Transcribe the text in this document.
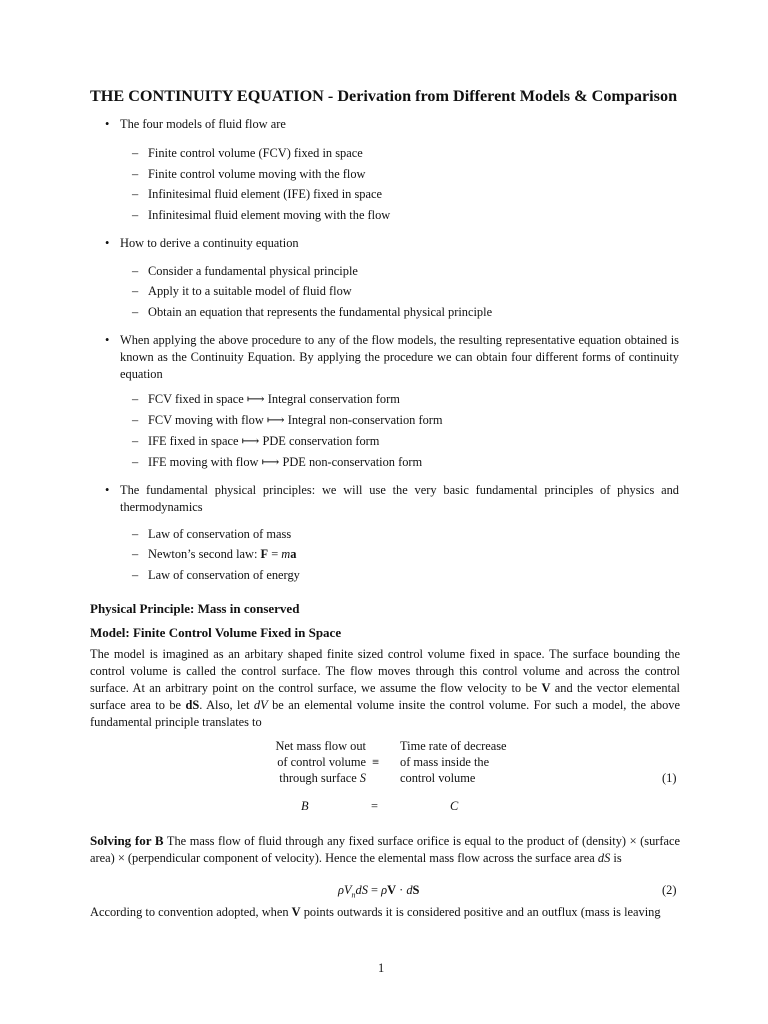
THE CONTINUITY EQUATION - Derivation from Different Models & Comparison
• The four models of fluid flow are
– Finite control volume (FCV) fixed in space
– Finite control volume moving with the flow
– Infinitesimal fluid element (IFE) fixed in space
– Infinitesimal fluid element moving with the flow
• How to derive a continuity equation
– Consider a fundamental physical principle
– Apply it to a suitable model of fluid flow
– Obtain an equation that represents the fundamental physical principle
• When applying the above procedure to any of the flow models, the resulting representative equation obtained is known as the Continuity Equation. By applying the procedure we can obtain four different forms of continuity equation
– FCV fixed in space ⟼ Integral conservation form
– FCV moving with flow ⟼ Integral non-conservation form
– IFE fixed in space ⟼ PDE conservation form
– IFE moving with flow ⟼ PDE non-conservation form
• The fundamental physical principles: we will use the very basic fundamental principles of physics and thermodynamics
– Law of conservation of mass
– Newton’s second law: F = ma
– Law of conservation of energy
Physical Principle: Mass in conserved
Model: Finite Control Volume Fixed in Space
The model is imagined as an arbitary shaped finite sized control volume fixed in space. The surface bounding the control volume is called the control surface. The flow moves through this control volume and across the control surface. At an arbitrary point on the control surface, we assume the flow velocity to be V and the vector elemental surface area to be dS. Also, let dV be an elemental volume insite the control volume. For such a model, the above fundamental principle translates to
Net mass flow out
of control volume
through surface S
≡
Time rate of decrease
of mass inside the
control volume	(1)
B	=	C
Solving for B The mass flow of fluid through any fixed surface orifice is equal to the product of (density) × (surface area) × (perpendicular component of velocity). Hence the elemental mass flow across the surface area dS is
$\rho V_ndS = \rho V$ · dS	(2)
According to convention adopted, when V points outwards it is considered positive and an outflux (mass is leaving
1
